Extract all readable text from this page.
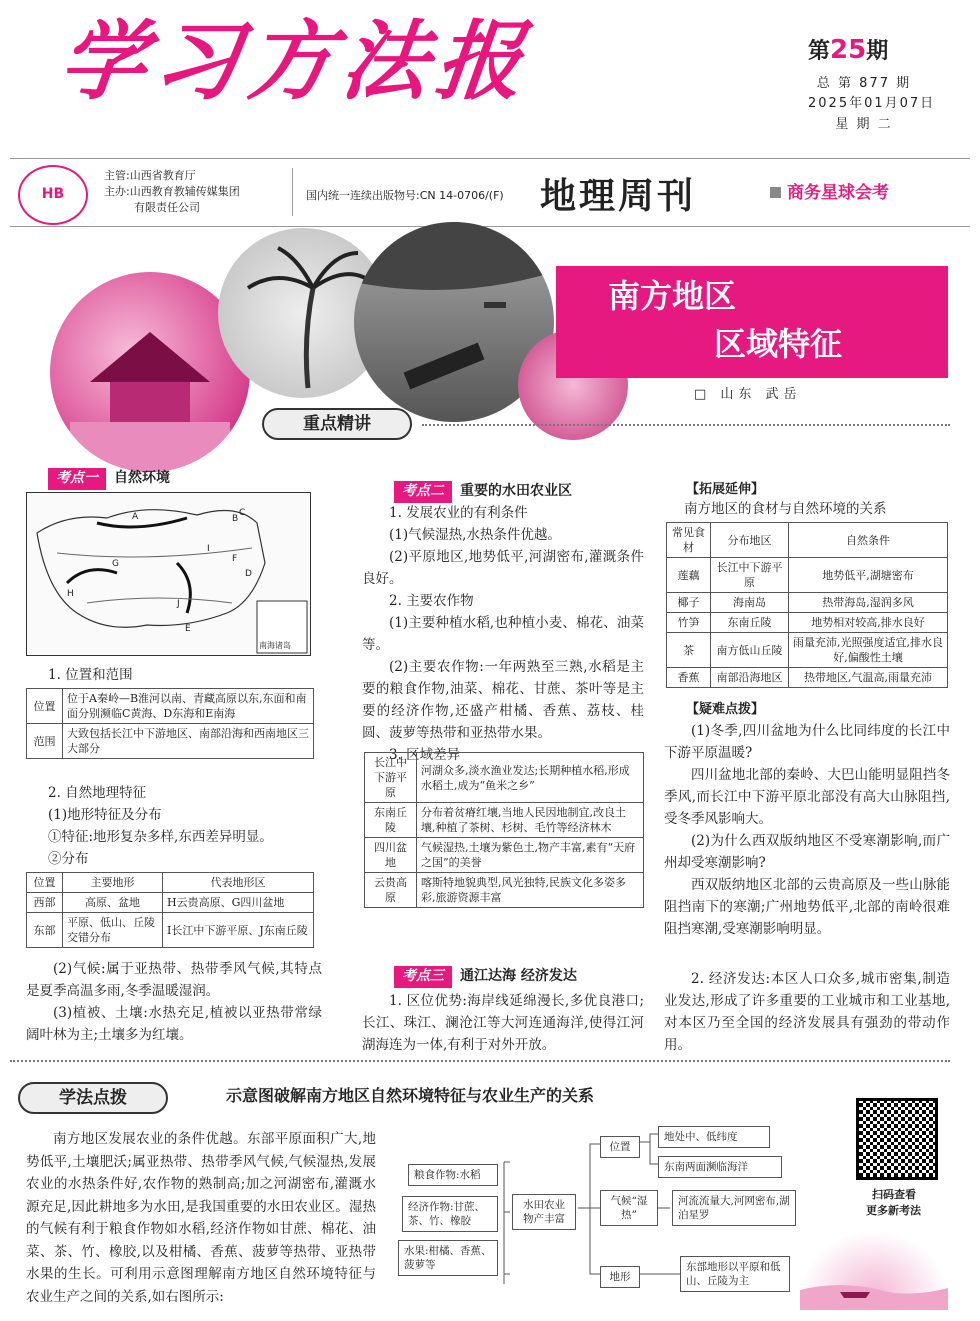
学习方法报	第25期
总 第 877 期
2025年01月07日
星 期 二
HB
主管:山西省教育厅
主办:山西教育教辅传媒集团
有限责任公司
国内统一连续出版物号:CN 14-0706/(F) 地理周刊	商务星球会考
南方地区
区域特征
□ 山东 武岳
重点精讲
考点一 自然环境
A	B
C
D
E
F
G
H
I
J
南海诸岛
1. 位置和范围
位置	位于A秦岭—B淮河以南、青藏高原以东,东面和南面分别濒临C黄海、D东海和E南海
范围	大致包括长江中下游地区、南部沿海和西南地区三大部分
2. 自然地理特征
(1)地形特征及分布
①特征:地形复杂多样,东西差异明显。
②分布
位置	主要地形	代表地形区
西部	高原、盆地	H云贵高原、G四川盆地
东部	平原、低山、丘陵交错分布	I长江中下游平原、J东南丘陵
(2)气候:属于亚热带、热带季风气候,其特点是夏季高温多雨,冬季温暖湿润。
(3)植被、土壤:水热充足,植被以亚热带常绿阔叶林为主;土壤多为红壤。
考点二 重要的水田农业区
1. 发展农业的有利条件
(1)气候湿热,水热条件优越。
(2)平原地区,地势低平,河湖密布,灌溉条件良好。
2. 主要农作物
(1)主要种植水稻,也种植小麦、棉花、油菜等。
(2)主要农作物:一年两熟至三熟,水稻是主要的粮食作物,油菜、棉花、甘蔗、茶叶等是主要的经济作物,还盛产柑橘、香蕉、荔枝、桂圆、菠萝等热带和亚热带水果。
3. 区域差异
长江中下游平原	河湖众多,淡水渔业发达;长期种植水稻,形成水稻土,成为“鱼米之乡”
东南丘陵	分布着贫瘠红壤,当地人民因地制宜,改良土壤,种植了茶树、杉树、毛竹等经济林木
四川盆地	气候湿热,土壤为紫色土,物产丰富,素有“天府之国”的美誉
云贵高原	喀斯特地貌典型,风光独特,民族文化多姿多彩,旅游资源丰富
【拓展延伸】
南方地区的食材与自然环境的关系
常见食材	分布地区	自然条件
莲藕	长江中下游平原	地势低平,湖塘密布
椰子	海南岛	热带海岛,湿润多风
竹笋	东南丘陵	地势相对较高,排水良好
茶	南方低山丘陵	雨量充沛,光照强度适宜,排水良好,偏酸性土壤
香蕉	南部沿海地区	热带地区,气温高,雨量充沛
【疑难点拨】
(1)冬季,四川盆地为什么比同纬度的长江中下游平原温暖?
四川盆地北部的秦岭、大巴山能明显阻挡冬季风,而长江中下游平原北部没有高大山脉阻挡,受冬季风影响大。
(2)为什么西双版纳地区不受寒潮影响,而广州却受寒潮影响?
西双版纳地区北部的云贵高原及一些山脉能阻挡南下的寒潮;广州地势低平,北部的南岭很难阻挡寒潮,受寒潮影响明显。
考点三 通江达海 经济发达
1. 区位优势:海岸线延绵漫长,多优良港口;长江、珠江、澜沧江等大河连通海洋,使得江河湖海连为一体,有利于对外开放。
2. 经济发达:本区人口众多,城市密集,制造业发达,形成了许多重要的工业城市和工业基地,对本区乃至全国的经济发展具有强劲的带动作用。
学法点拨	示意图破解南方地区自然环境特征与农业生产的关系
南方地区发展农业的条件优越。东部平原面积广大,地势低平,土壤肥沃;属亚热带、热带季风气候,气候湿热,发展农业的水热条件好,农作物的熟制高;加之河湖密布,灌溉水源充足,因此耕地多为水田,是我国重要的水田农业区。湿热的气候有利于粮食作物如水稻,经济作物如甘蔗、棉花、油菜、茶、竹、橡胶,以及柑橘、香蕉、菠萝等热带、亚热带水果的生长。可利用示意图理解南方地区自然环境特征与农业生产之间的关系,如右图所示:
粮食作物:水稻
经济作物:甘蔗、茶、竹、橡胶
水果:柑橘、香蕉、菠萝等
水田农业物产丰富
位置
地处中、低纬度
东南两面濒临海洋
气候“湿热”
河流流量大,河网密布,湖泊星罗
地形
东部地形以平原和低山、丘陵为主
扫码查看
更多新考法
